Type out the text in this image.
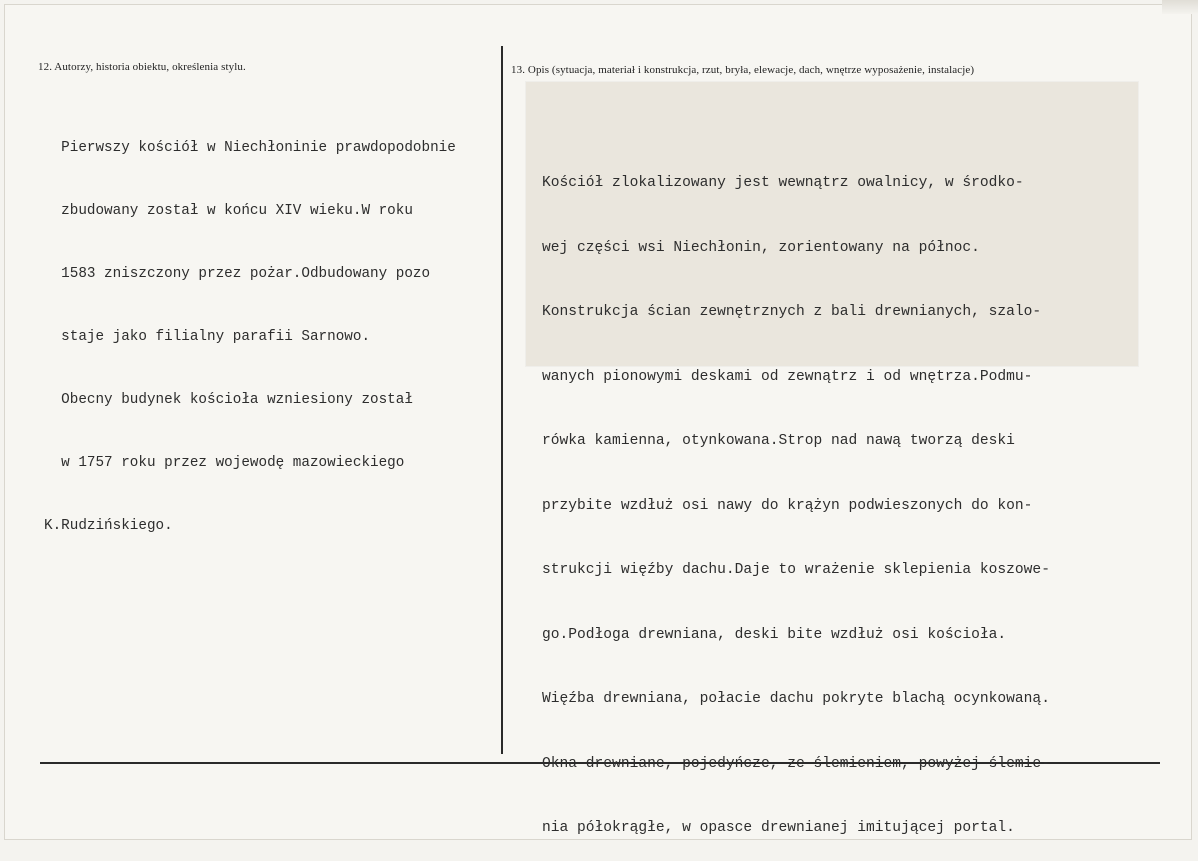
12. Autorzy, historia obiektu, określenia stylu.	13. Opis (sytuacja, materiał i konstrukcja, rzut, bryła, elewacje, dach, wnętrze wyposażenie, instalacje)

Pierwszy kościół w Niechłoninie prawdopodobnie

zbudowany został w końcu XIV wieku.W roku

1583 zniszczony przez pożar.Odbudowany pozo

staje jako filialny parafii Sarnowo.

Obecny budynek kościoła wzniesiony został

w 1757 roku przez wojewodę mazowieckiego

K.Rudzińskiego.

Kościół zlokalizowany jest wewnątrz owalnicy, w środko-

wej części wsi Niechłonin, zorientowany na północ.

Konstrukcja ścian zewnętrznych z bali drewnianych, szalo-

wanych pionowymi deskami od zewnątrz i od wnętrza.Podmu-

rówka kamienna, otynkowana.Strop nad nawą tworzą deski

przybite wzdłuż osi nawy do krążyn podwieszonych do kon-

strukcji więźby dachu.Daje to wrażenie sklepienia koszowe-

go.Podłoga drewniana, deski bite wzdłuż osi kościoła.

Więźba drewniana, połacie dachu pokryte blachą ocynkowaną.

Okna drewniane, pojedyńcze, ze ślemieniem, powyżej ślemie-

nia półokrągłe, w opasce drewnianej imitującej portal.
